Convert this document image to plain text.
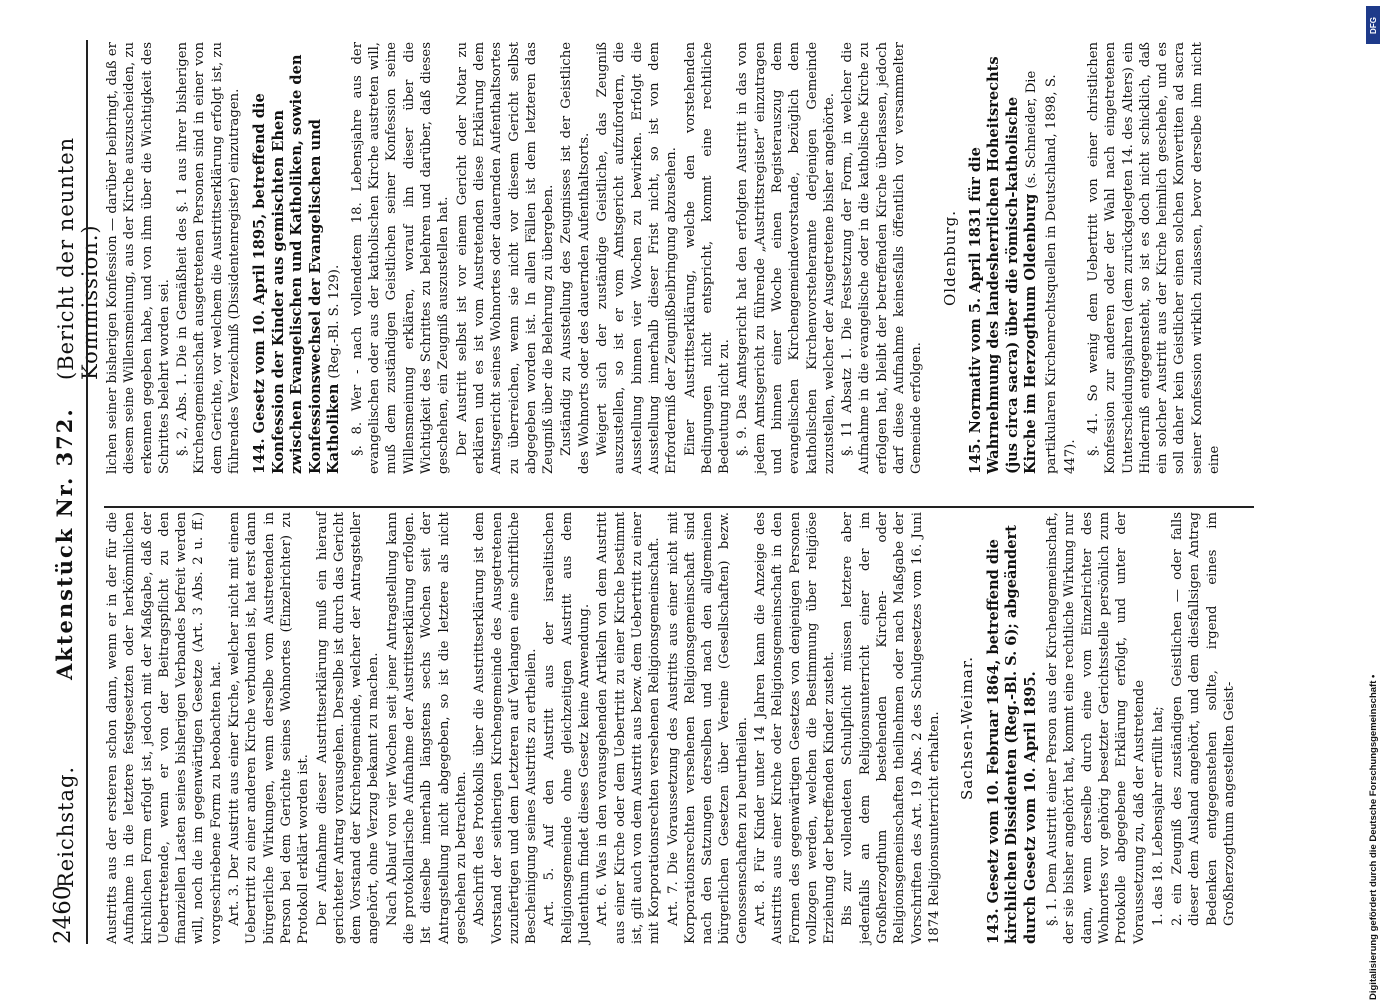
2460
Reichstag.
Aktenstück Nr. 372.
(Bericht der neunten Kommission.)

Austritts aus der ersteren schon dann, wenn er in der für die Aufnahme in die letztere festgesetzten oder herkömmlichen kirchlichen Form erfolgt ist, jedoch mit der Maßgabe, daß der Uebertretende, wenn er von der Beitragspflicht zu den finanziellen Lasten seines bisherigen Verbandes befreit werden will, noch die im gegenwärtigen Gesetze (Art. 3 Abs. 2 u. ff.) vorgeschriebene Form zu beobachten hat. Art. 3. Der Austritt aus einer Kirche, welcher nicht mit einem Uebertritt zu einer anderen Kirche verbunden ist, hat erst dann bürgerliche Wirkungen, wenn derselbe vom Austretenden in Person bei dem Gerichte seines Wohnortes (Einzelrichter) zu Protokoll erklärt worden ist. Der Aufnahme dieser Austrittserklärung muß ein hierauf gerichteter Antrag vorausgehen. Derselbe ist durch das Gericht dem Vorstand der Kirchengemeinde, welcher der Antragsteller angehört, ohne Verzug bekannt zu machen. Nach Ablauf von vier Wochen seit jener Antragstellung kann die protokollarische Aufnahme der Austrittserklärung erfolgen. Ist dieselbe innerhalb längstens sechs Wochen seit der Antragstellung nicht abgegeben, so ist die letztere als nicht geschehen zu betrachten. Abschrift des Protokolls über die Austrittserklärung ist dem Vorstand der seitherigen Kirchengemeinde des Ausgetretenen zuzufertigen und dem Letzteren auf Verlangen eine schriftliche Bescheinigung seines Austritts zu ertheilen. Art. 5. Auf den Austritt aus der israelitischen Religionsgemeinde ohne gleichzeitigen Austritt aus dem Judenthum findet dieses Gesetz keine Anwendung. Art. 6. Was in den vorausgehenden Artikeln von dem Austritt aus einer Kirche oder dem Uebertritt zu einer Kirche bestimmt ist, gilt auch von dem Austritt aus bezw. dem Uebertritt zu einer mit Korporationsrechten versehenen Religionsgemeinschaft. Art. 7. Die Voraussetzung des Austritts aus einer nicht mit Korporationsrechten versehenen Religionsgemeinschaft sind nach den Satzungen derselben und nach den allgemeinen bürgerlichen Gesetzen über Vereine (Gesellschaften) bezw. Genossenschaften zu beurtheilen. Art. 8. Für Kinder unter 14 Jahren kann die Anzeige des Austritts aus einer Kirche oder Religionsgemeinschaft in den Formen des gegenwärtigen Gesetzes von denjenigen Personen vollzogen werden, welchen die Bestimmung über religiöse Erziehung der betreffenden Kinder zusteht. Bis zur vollendeten Schulpflicht müssen letztere aber jedenfalls an dem Religionsunterricht einer der im Großherzogthum bestehenden Kirchen- oder Religionsgemeinschaften theilnehmen oder nach Maßgabe der Vorschriften des Art. 19 Abs. 2 des Schulgesetzes vom 16. Juni 1874 Religionsunterricht erhalten. Sachsen-Weimar. 143. Gesetz vom 10. Februar 1864, betreffend die kirchlichen Dissidenten (Reg.-Bl. S. 6); abgeändert durch Gesetz vom 10. April 1895. §. 1. Dem Austritt einer Person aus der Kirchengemeinschaft, der sie bisher angehört hat, kommt eine rechtliche Wirkung nur dann, wenn derselbe durch eine vom Einzelrichter des Wohnortes vor gehörig besetzter Gerichtsstelle persönlich zum Protokolle abgegebene Erklärung erfolgt, und unter der Voraussetzung zu, daß der Austretende 1. das 18. Lebensjahr erfüllt hat; 2. ein Zeugniß des zuständigen Geistlichen — oder falls dieser dem Ausland angehört, und dem diesfallsigen Antrag Bedenken entgegenstehen sollte, irgend eines im Großherzogthum angestellten Geist-

lichen seiner bisherigen Konfession — darüber beibringt, daß er diesem seine Willensmeinung, aus der Kirche auszuscheiden, zu erkennen gegeben habe, und von ihm über die Wichtigkeit des Schrittes belehrt worden sei. §. 2, Abs. 1. Die in Gemäßheit des §. 1 aus ihrer bisherigen Kirchengemeinschaft ausgetretenen Personen sind in einer von dem Gerichte, vor welchem die Austrittserklärung erfolgt ist, zu führendes Verzeichniß (Dissidentenregister) einzutragen. 144. Gesetz vom 10. April 1895, betreffend die Konfession der Kinder aus gemischten Ehen zwischen Evangelischen und Katholiken, sowie den Konfessionswechsel der Evangelischen und Katholiken (Reg.-Bl. S. 129). §. 8. Wer - nach vollendetem 18. Lebensjahre aus der evangelischen oder aus der katholischen Kirche austreten will, muß dem zuständigen Geistlichen seiner Konfession seine Willensmeinung erklären, worauf ihn dieser über die Wichtigkeit des Schrittes zu belehren und darüber, daß dieses geschehen, ein Zeugniß auszustellen hat. Der Austritt selbst ist vor einem Gericht oder Notar zu erklären und es ist vom Austretenden diese Erklärung dem Amtsgericht seines Wohnortes oder dauernden Aufenthaltsortes zu überreichen, wenn sie nicht vor diesem Gericht selbst abgegeben worden ist. In allen Fällen ist dem letzteren das Zeugniß über die Belehrung zu übergeben. Zuständig zu Ausstellung des Zeugnisses ist der Geistliche des Wohnorts oder des dauernden Aufenthaltsorts. Weigert sich der zuständige Geistliche, das Zeugniß auszustellen, so ist er vom Amtsgericht aufzufordern, die Ausstellung binnen vier Wochen zu bewirken. Erfolgt die Ausstellung innerhalb dieser Frist nicht, so ist von dem Erforderniß der Zeugnißbeibringung abzusehen. Einer Austrittserklärung, welche den vorstehenden Bedingungen nicht entspricht, kommt eine rechtliche Bedeutung nicht zu. §. 9. Das Amtsgericht hat den erfolgten Austritt in das von jedem Amtsgericht zu führende „Austrittsregister“ einzutragen und binnen einer Woche einen Registerauszug dem evangelischen Kirchengemeindevorstande, bezüglich dem katholischen Kirchenvorsteheramte derjenigen Gemeinde zuzustellen, welcher der Ausgetretene bisher angehörte. §. 11 Absatz 1. Die Festsetzung der Form, in welcher die Aufnahme in die evangelische oder in die katholische Kirche zu erfolgen hat, bleibt der betreffenden Kirche überlassen, jedoch darf diese Aufnahme keinesfalls öffentlich vor versammelter Gemeinde erfolgen.

Oldenburg. 145. Normativ vom 5. April 1831 für die Wahrnehmung des landesherrlichen Hoheitsrechts (jus circa sacra) über die römisch-katholische Kirche im Herzogthum Oldenburg (s. Schneider, Die partikularen Kirchenrechtsquellen in Deutschland, 1898, S. 447).

§. 41. So wenig dem Uebertritt von einer christlichen Konfession zur anderen oder der Wahl nach eingetretenen Unterscheidungsjahren (dem zurückgelegten 14. des Alters) ein Hinderniß entgegensteht, so ist es doch nicht schicklich, daß ein solcher Austritt aus der Kirche heimlich geschehe, und es soll daher kein Geistlicher einen solchen Konvertiten ad sacra seiner Konfession wirklich zulassen, bevor derselbe ihm nicht eine

DFG
Digitalisierung gefördert durch die Deutsche Forschungsgemeinschaft •
